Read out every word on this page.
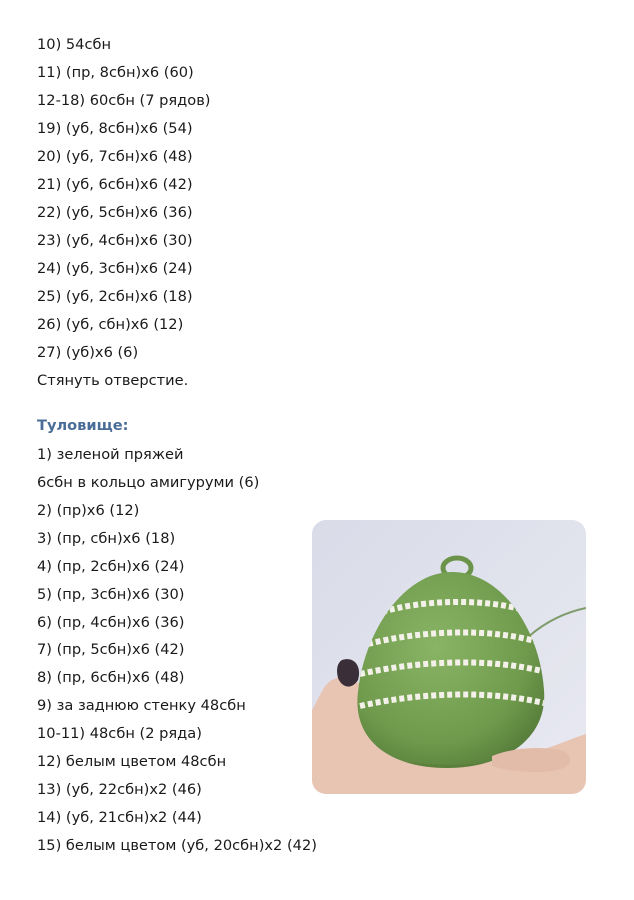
10) 54сбн
11) (пр, 8сбн)х6 (60)
12-18) 60сбн (7 рядов)
19) (уб, 8сбн)х6 (54)
20) (уб, 7сбн)х6 (48)
21) (уб, 6сбн)х6 (42)
22) (уб, 5сбн)х6 (36)
23) (уб, 4сбн)х6 (30)
24) (уб, 3сбн)х6 (24)
25) (уб, 2сбн)х6 (18)
26) (уб, сбн)х6 (12)
27) (уб)х6 (6)
Стянуть отверстие.
Туловище:
1) зеленой пряжей
6сбн в кольцо амигуруми (6)
2) (пр)х6 (12)
3) (пр, сбн)х6 (18)
4) (пр, 2сбн)х6 (24)
5) (пр, 3сбн)х6 (30)
6) (пр, 4сбн)х6 (36)
7) (пр, 5сбн)х6 (42)
8) (пр, 6сбн)х6 (48)
9) за заднюю стенку 48сбн
10-11) 48сбн (2 ряда)
12) белым цветом 48сбн
13) (уб, 22сбн)х2 (46)
14) (уб, 21сбн)х2 (44)
15) белым цветом (уб, 20сбн)х2 (42)
